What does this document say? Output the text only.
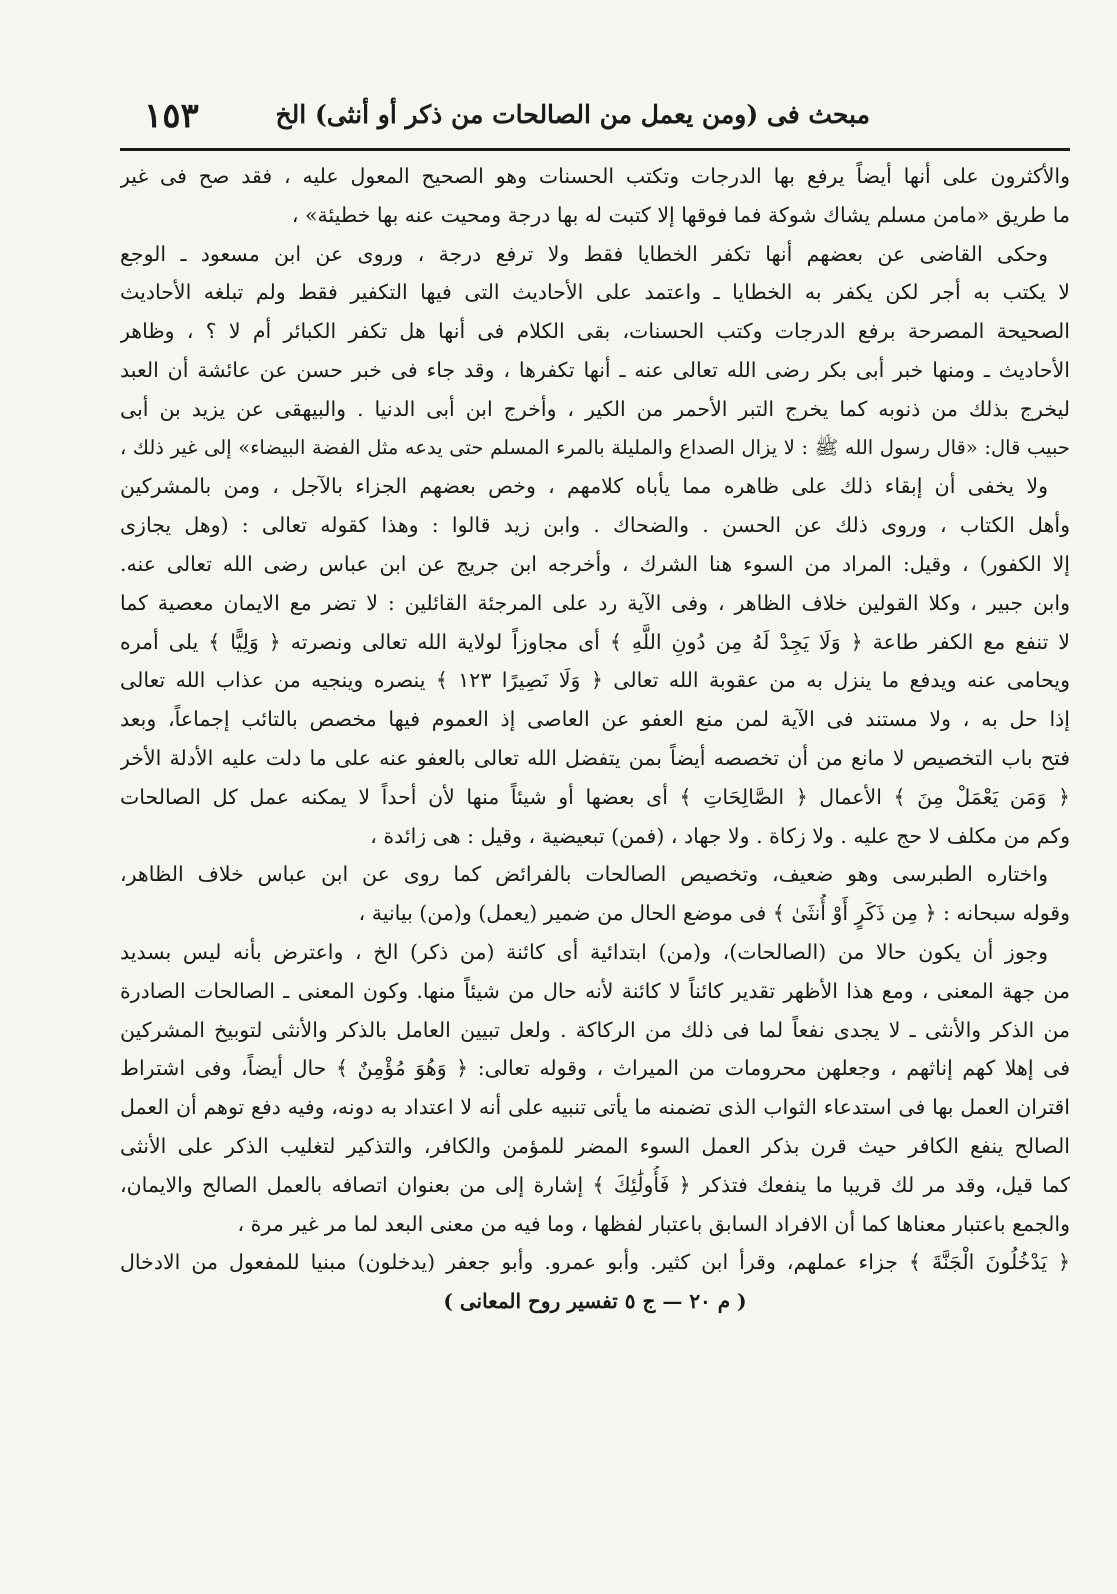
مبحث فی (ومن يعمل من الصالحات من ذكر أو أنثى) الخ
١٥٣
والأكثرون على أنها أيضاً يرفع بها الدرجات وتكتب الحسنات وهو الصحيح المعول عليه ، فقد صح فى غير
ما طريق «مامن مسلم يشاك شوكة فما فوقها إلا كتبت له بها درجة ومحيت عنه بها خطيئة» ،
وحكى القاضى عن بعضهم أنها تكفر الخطايا فقط ولا ترفع درجة ، وروى عن ابن مسعود ـ الوجع
لا يكتب به أجر لكن يكفر به الخطايا ـ واعتمد على الأحاديث التى فيها التكفير فقط ولم تبلغه الأحاديث
الصحيحة المصرحة برفع الدرجات وكتب الحسنات، بقى الكلام فى أنها هل تكفر الكبائر أم لا ؟ ، وظاهر
الأحاديث ـ ومنها خبر أبى بكر رضى الله تعالى عنه ـ أنها تكفرها ، وقد جاء فى خبر حسن عن عائشة أن العبد
ليخرج بذلك من ذنوبه كما يخرج التبر الأحمر من الكير ، وأخرج ابن أبى الدنيا . والبيهقى عن يزيد بن أبى
حبيب قال: «قال رسول الله ﷺ : لا يزال الصداع والمليلة بالمرء المسلم حتى يدعه مثل الفضة البيضاء» إلى غير ذلك ،
ولا يخفى أن إبقاء ذلك على ظاهره مما يأباه كلامهم ، وخص بعضهم الجزاء بالآجل ، ومن بالمشركين
وأهل الكتاب ، وروى ذلك عن الحسن . والضحاك . وابن زيد قالوا : وهذا كقوله تعالى : (وهل يجازى
إلا الكفور) ، وقيل: المراد من السوء هنا الشرك ، وأخرجه ابن جريج عن ابن عباس رضى الله تعالى عنه.
وابن جبير ، وكلا القولين خلاف الظاهر ، وفى الآية رد على المرجئة القائلين : لا تضر مع الايمان معصية كما
لا تنفع مع الكفر طاعة ﴿ وَلَا يَجِدْ لَهُ مِن دُونِ اللَّهِ ﴾ أى مجاوزاً لولاية الله تعالى ونصرته ﴿ وَلِيًّا ﴾ يلى أمره
ويحامى عنه ويدفع ما ينزل به من عقوبة الله تعالى ﴿ وَلَا نَصِيرًا ١٢٣ ﴾ ينصره وينجيه من عذاب الله تعالى
إذا حل به ، ولا مستند فى الآية لمن منع العفو عن العاصى إذ العموم فيها مخصص بالتائب إجماعاً، وبعد
فتح باب التخصيص لا مانع من أن تخصصه أيضاً بمن يتفضل الله تعالى بالعفو عنه على ما دلت عليه الأدلة الأخر
﴿ وَمَن يَعْمَلْ مِنَ ﴾ الأعمال ﴿ الصَّالِحَاتِ ﴾ أى بعضها أو شيئاً منها لأن أحداً لا يمكنه عمل كل الصالحات
وكم من مكلف لا حج عليه . ولا زكاة . ولا جهاد ، (فمن) تبعيضية ، وقيل : هى زائدة ،
واختاره الطبرسى وهو ضعيف، وتخصيص الصالحات بالفرائض كما روى عن ابن عباس خلاف الظاهر،
وقوله سبحانه : ﴿ مِن ذَكَرٍ أَوْ أُنثَىٰ ﴾ فى موضع الحال من ضمير (يعمل) و(من) بيانية ،
وجوز أن يكون حالا من (الصالحات)، و(من) ابتدائية أى كائنة (من ذكر) الخ ، واعترض بأنه ليس بسديد
من جهة المعنى ، ومع هذا الأظهر تقدير كائناً لا كائنة لأنه حال من شيئاً منها. وكون المعنى ـ الصالحات الصادرة
من الذكر والأنثى ـ لا يجدى نفعاً لما فى ذلك من الركاكة . ولعل تبيين العامل بالذكر والأنثى لتوبيخ المشركين
فى إهلا كهم إناثهم ، وجعلهن محرومات من الميراث ، وقوله تعالى: ﴿ وَهُوَ مُؤْمِنٌ ﴾ حال أيضاً، وفى اشتراط
اقتران العمل بها فى استدعاء الثواب الذى تضمنه ما يأتى تنبيه على أنه لا اعتداد به دونه، وفيه دفع توهم أن العمل
الصالح ينفع الكافر حيث قرن بذكر العمل السوء المضر للمؤمن والكافر، والتذكير لتغليب الذكر على الأنثى
كما قيل، وقد مر لك قريبا ما ينفعك فتذكر ﴿ فَأُولَٰئِكَ ﴾ إشارة إلى من بعنوان اتصافه بالعمل الصالح والايمان،
والجمع باعتبار معناها كما أن الافراد السابق باعتبار لفظها ، وما فيه من معنى البعد لما مر غير مرة ،
﴿ يَدْخُلُونَ الْجَنَّةَ ﴾ جزاء عملهم، وقرأ ابن كثير. وأبو عمرو. وأبو جعفر (يدخلون) مبنيا للمفعول من الادخال
( م ٢٠ — ج ٥ تفسير روح المعانى )
